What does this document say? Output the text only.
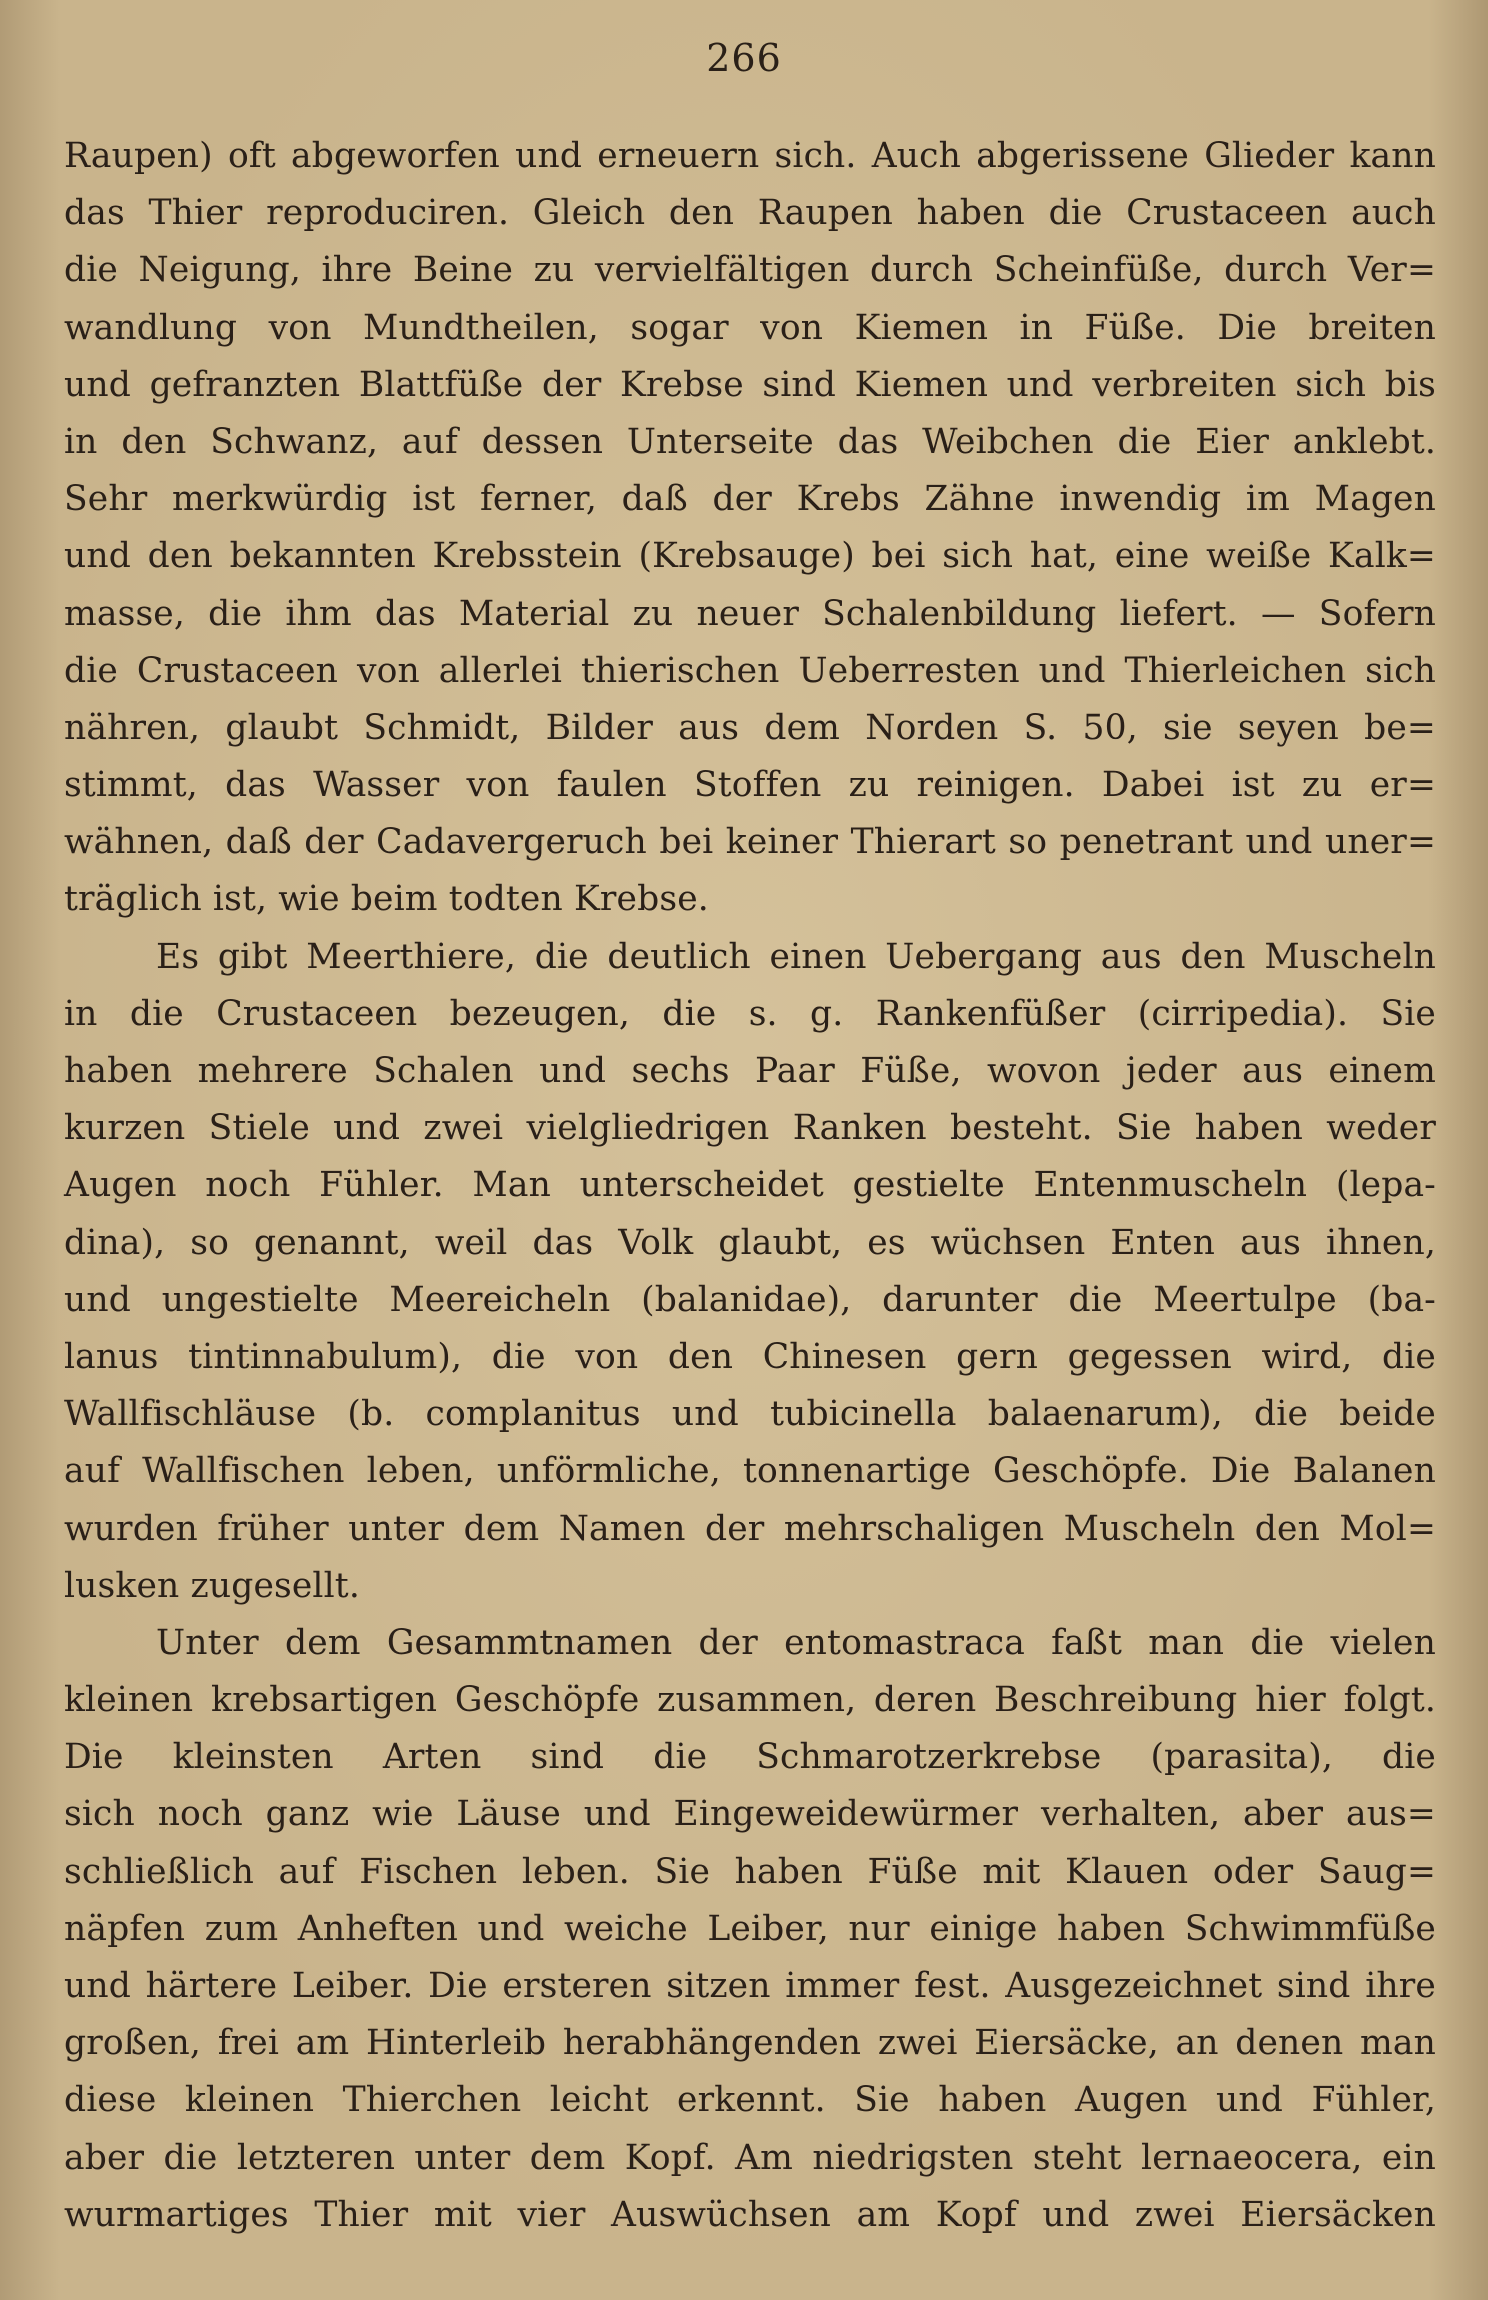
266
Raupen) oft abgeworfen und erneuern sich. Auch abgerissene Glieder kann
das Thier reproduciren. Gleich den Raupen haben die Crustaceen auch
die Neigung, ihre Beine zu vervielfältigen durch Scheinfüße, durch Ver=
wandlung von Mundtheilen, sogar von Kiemen in Füße. Die breiten
und gefranzten Blattfüße der Krebse sind Kiemen und verbreiten sich bis
in den Schwanz, auf dessen Unterseite das Weibchen die Eier anklebt.
Sehr merkwürdig ist ferner, daß der Krebs Zähne inwendig im Magen
und den bekannten Krebsstein (Krebsauge) bei sich hat, eine weiße Kalk=
masse, die ihm das Material zu neuer Schalenbildung liefert. — Sofern
die Crustaceen von allerlei thierischen Ueberresten und Thierleichen sich
nähren, glaubt Schmidt, Bilder aus dem Norden S. 50, sie seyen be=
stimmt, das Wasser von faulen Stoffen zu reinigen. Dabei ist zu er=
wähnen, daß der Cadavergeruch bei keiner Thierart so penetrant und uner=
träglich ist, wie beim todten Krebse.
Es gibt Meerthiere, die deutlich einen Uebergang aus den Muscheln
in die Crustaceen bezeugen, die s. g. Rankenfüßer (cirripedia). Sie
haben mehrere Schalen und sechs Paar Füße, wovon jeder aus einem
kurzen Stiele und zwei vielgliedrigen Ranken besteht. Sie haben weder
Augen noch Fühler. Man unterscheidet gestielte Entenmuscheln (lepa-
dina), so genannt, weil das Volk glaubt, es wüchsen Enten aus ihnen,
und ungestielte Meereicheln (balanidae), darunter die Meertulpe (ba-
lanus tintinnabulum), die von den Chinesen gern gegessen wird, die
Wallfischläuse (b. complanitus und tubicinella balaenarum), die beide
auf Wallfischen leben, unförmliche, tonnenartige Geschöpfe. Die Balanen
wurden früher unter dem Namen der mehrschaligen Muscheln den Mol=
lusken zugesellt.
Unter dem Gesammtnamen der entomastraca faßt man die vielen
kleinen krebsartigen Geschöpfe zusammen, deren Beschreibung hier folgt.
Die kleinsten Arten sind die Schmarotzerkrebse (parasita), die
sich noch ganz wie Läuse und Eingeweidewürmer verhalten, aber aus=
schließlich auf Fischen leben. Sie haben Füße mit Klauen oder Saug=
näpfen zum Anheften und weiche Leiber, nur einige haben Schwimmfüße
und härtere Leiber. Die ersteren sitzen immer fest. Ausgezeichnet sind ihre
großen, frei am Hinterleib herabhängenden zwei Eiersäcke, an denen man
diese kleinen Thierchen leicht erkennt. Sie haben Augen und Fühler,
aber die letzteren unter dem Kopf. Am niedrigsten steht lernaeocera, ein
wurmartiges Thier mit vier Auswüchsen am Kopf und zwei Eiersäcken
